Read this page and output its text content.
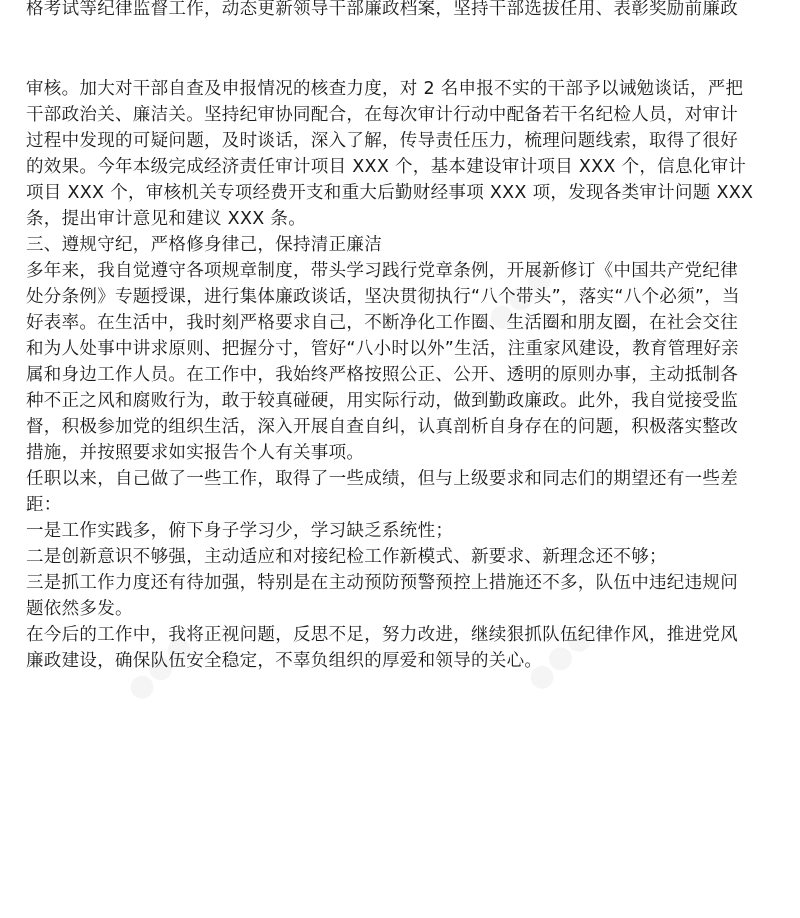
●●●
●●●	●●●
格考试等纪律监督工作，动态更新领导干部廉政档案，坚持干部选拔任用、表彰奖励前廉政
审核。加大对干部自查及申报情况的核查力度，对 2 名申报不实的干部予以诫勉谈话，严把
干部政治关、廉洁关。坚持纪审协同配合，在每次审计行动中配备若干名纪检人员，对审计
过程中发现的可疑问题，及时谈话，深入了解，传导责任压力，梳理问题线索，取得了很好
的效果。今年本级完成经济责任审计项目 XXX 个，基本建设审计项目 XXX 个，信息化审计
项目 XXX 个，审核机关专项经费开支和重大后勤财经事项 XXX 项，发现各类审计问题 XXX
条，提出审计意见和建议 XXX 条。
三、遵规守纪，严格修身律己，保持清正廉洁
多年来，我自觉遵守各项规章制度，带头学习践行党章条例，开展新修订《中国共产党纪律
处分条例》专题授课，进行集体廉政谈话，坚决贯彻执行“八个带头”，落实“八个必须”，当
好表率。在生活中，我时刻严格要求自己，不断净化工作圈、生活圈和朋友圈，在社会交往
和为人处事中讲求原则、把握分寸，管好“八小时以外”生活，注重家风建设，教育管理好亲
属和身边工作人员。在工作中，我始终严格按照公正、公开、透明的原则办事，主动抵制各
种不正之风和腐败行为，敢于较真碰硬，用实际行动，做到勤政廉政。此外，我自觉接受监
督，积极参加党的组织生活，深入开展自查自纠，认真剖析自身存在的问题，积极落实整改
措施，并按照要求如实报告个人有关事项。
任职以来，自己做了一些工作，取得了一些成绩，但与上级要求和同志们的期望还有一些差
距：
一是工作实践多，俯下身子学习少，学习缺乏系统性；
二是创新意识不够强，主动适应和对接纪检工作新模式、新要求、新理念还不够；
三是抓工作力度还有待加强，特别是在主动预防预警预控上措施还不多，队伍中违纪违规问
题依然多发。
在今后的工作中，我将正视问题，反思不足，努力改进，继续狠抓队伍纪律作风，推进党风
廉政建设，确保队伍安全稳定，不辜负组织的厚爱和领导的关心。
